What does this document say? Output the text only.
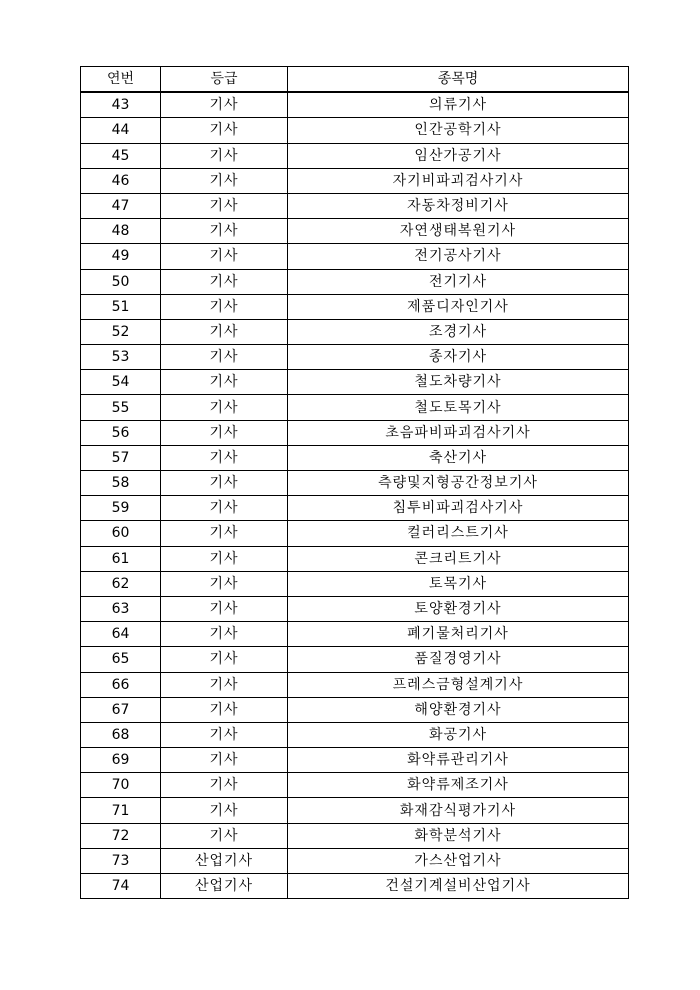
연번	등급	종목명
43	기사	의류기사
44	기사	인간공학기사
45	기사	임산가공기사
46	기사	자기비파괴검사기사
47	기사	자동차정비기사
48	기사	자연생태복원기사
49	기사	전기공사기사
50	기사	전기기사
51	기사	제품디자인기사
52	기사	조경기사
53	기사	종자기사
54	기사	철도차량기사
55	기사	철도토목기사
56	기사	초음파비파괴검사기사
57	기사	축산기사
58	기사	측량및지형공간정보기사
59	기사	침투비파괴검사기사
60	기사	컬러리스트기사
61	기사	콘크리트기사
62	기사	토목기사
63	기사	토양환경기사
64	기사	폐기물처리기사
65	기사	품질경영기사
66	기사	프레스금형설계기사
67	기사	해양환경기사
68	기사	화공기사
69	기사	화약류관리기사
70	기사	화약류제조기사
71	기사	화재감식평가기사
72	기사	화학분석기사
73	산업기사	가스산업기사
74	산업기사	건설기계설비산업기사
